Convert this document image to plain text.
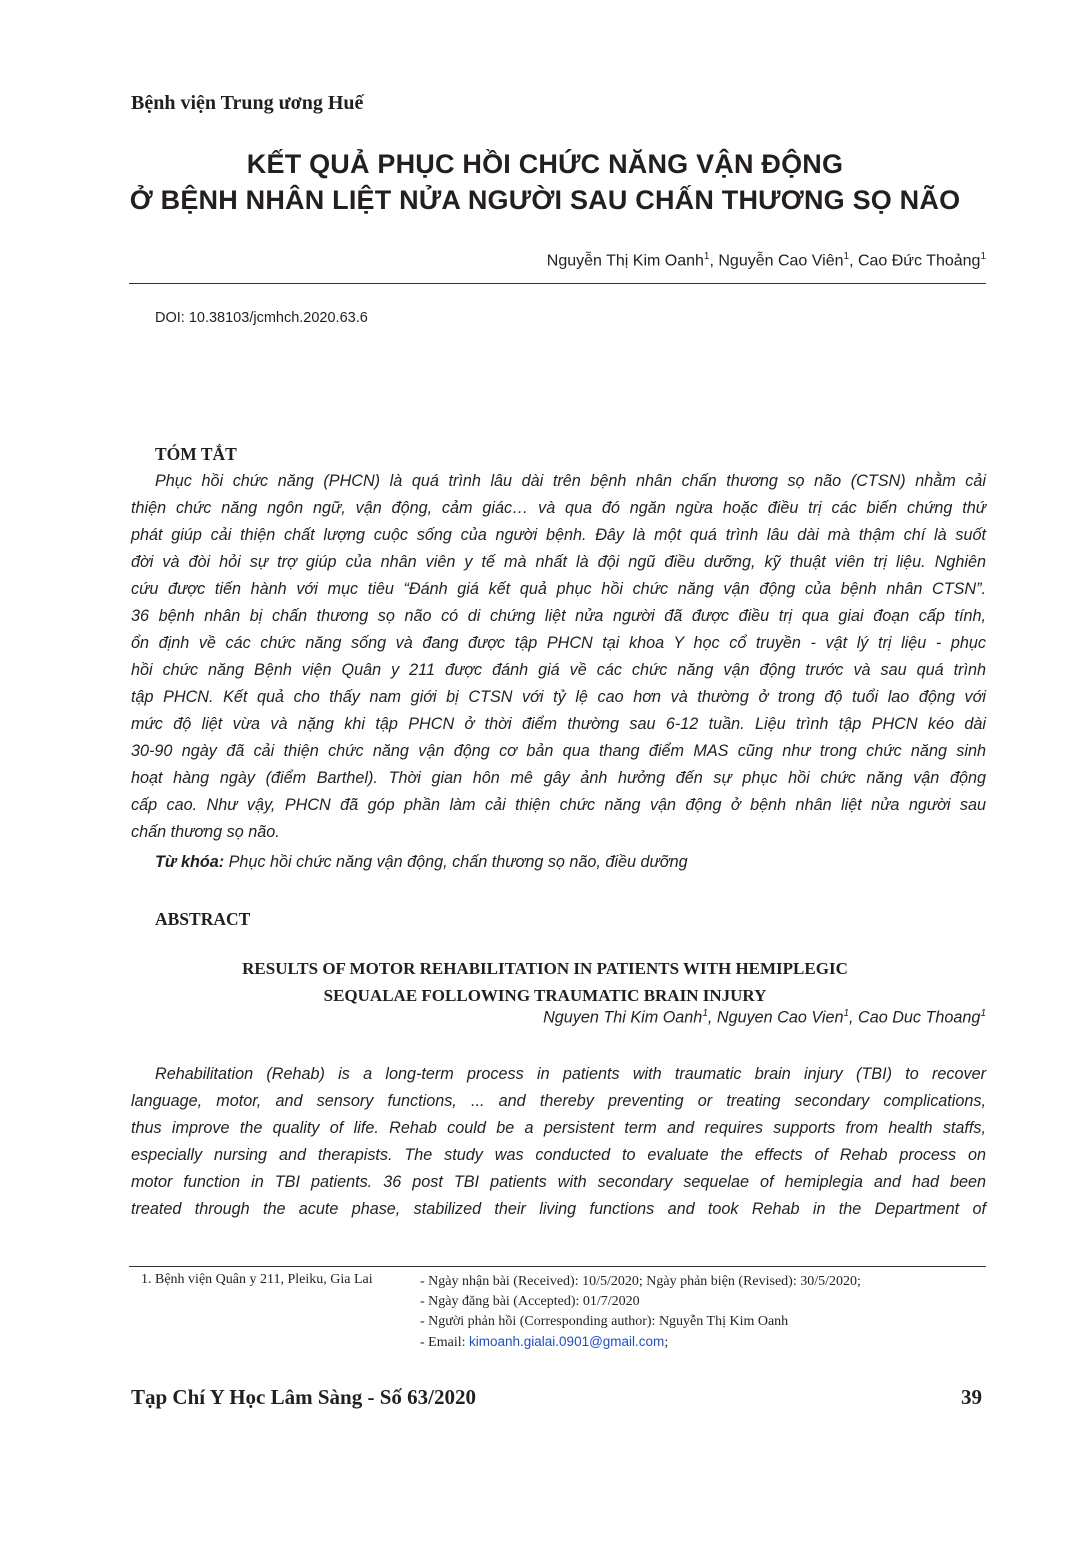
Bệnh viện Trung ương Huế
KẾT QUẢ PHỤC HỒI CHỨC NĂNG VẬN ĐỘNG
Ở BỆNH NHÂN LIỆT NỬA NGƯỜI SAU CHẤN THƯƠNG SỌ NÃO
Nguyễn Thị Kim Oanh$^1$, Nguyễn Cao Viên$^1$, Cao Đức Thoảng$^1$
DOI: 10.38103/jcmhch.2020.63.6
TÓM TẮT
Phục hồi chức năng (PHCN) là quá trình lâu dài trên bệnh nhân chấn thương sọ não (CTSN) nhằm cải
thiện chức năng ngôn ngữ, vận động, cảm giác… và qua đó ngăn ngừa hoặc điều trị các biến chứng thứ
phát giúp cải thiện chất lượng cuộc sống của người bệnh. Đây là một quá trình lâu dài mà thậm chí là suốt
đời và đòi hỏi sự trợ giúp của nhân viên y tế mà nhất là đội ngũ điều dưỡng, kỹ thuật viên trị liệu. Nghiên
cứu được tiến hành với mục tiêu “Đánh giá kết quả phục hồi chức năng vận động của bệnh nhân CTSN”.
36 bệnh nhân bị chấn thương sọ não có di chứng liệt nửa người đã được điều trị qua giai đoạn cấp tính,
ổn định về các chức năng sống và đang được tập PHCN tại khoa Y học cổ truyền - vật lý trị liệu - phục
hồi chức năng Bệnh viện Quân y 211 được đánh giá về các chức năng vận động trước và sau quá trình
tập PHCN. Kết quả cho thấy nam giới bị CTSN với tỷ lệ cao hơn và thường ở trong độ tuổi lao động với
mức độ liệt vừa và nặng khi tập PHCN ở thời điểm thường sau 6-12 tuần. Liệu trình tập PHCN kéo dài
30-90 ngày đã cải thiện chức năng vận động cơ bản qua thang điểm MAS cũng như trong chức năng sinh
hoạt hàng ngày (điểm Barthel). Thời gian hôn mê gây ảnh hưởng đến sự phục hồi chức năng vận động
cấp cao. Như vậy, PHCN đã góp phần làm cải thiện chức năng vận động ở bệnh nhân liệt nửa người sau
chấn thương sọ não.
Từ khóa: Phục hồi chức năng vận động, chấn thương sọ não, điều dưỡng
ABSTRACT
RESULTS OF MOTOR REHABILITATION IN PATIENTS WITH HEMIPLEGIC
SEQUALAE FOLLOWING TRAUMATIC BRAIN INJURY
Nguyen Thi Kim Oanh$^1$, Nguyen Cao Vien$^1$, Cao Duc Thoang$^1$
Rehabilitation (Rehab) is a long-term process in patients with traumatic brain injury (TBI) to recover
language, motor, and sensory functions, ... and thereby preventing or treating secondary complications,
thus improve the quality of life. Rehab could be a persistent term and requires supports from health staffs,
especially nursing and therapists. The study was conducted to evaluate the effects of Rehab process on
motor function in TBI patients. 36 post TBI patients with secondary sequelae of hemiplegia and had been
treated through the acute phase, stabilized their living functions and took Rehab in the Department of
1. Bệnh viện Quân y 211, Pleiku, Gia Lai	- Ngày nhận bài (Received): 10/5/2020; Ngày phản biện (Revised): 30/5/2020;
- Ngày đăng bài (Accepted): 01/7/2020
- Người phản hồi (Corresponding author): Nguyễn Thị Kim Oanh
- Email: kimoanh.gialai.0901@gmail.com;
Tạp Chí Y Học Lâm Sàng - Số 63/2020	39
